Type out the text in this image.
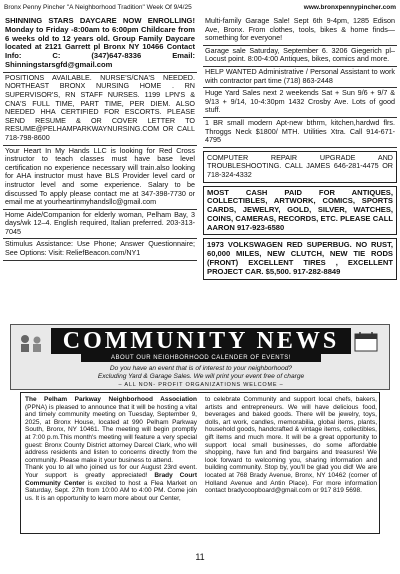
Bronx Penny Pincher "A Neighborhood Tradition" Week Of 9/4/25	www.bronxpennypincher.com
SHINNING STARS DAYCARE NOW ENROLLING! Monday to Friday -8:00am to 6:00pm Childcare from 6 weeks old to 12 years old. Group Family Daycare located at 2121 Garrett pl Bronx NY 10466 Contact Info: C: (347)647-8336 Email: Shinningstarsgfd@gmail.com
POSITIONS AVAILABLE. NURSE'S/CNA'S NEEDED. NORTHEAST BRONX NURSING HOME . RN SUPERVISOR'S, RN STAFF NURSES. 1199 LPN'S & CNA'S FULL TIME, PART TIME, PER DIEM. ALSO NEEDED HHA CERTIFIED FOR ESCORTS. PLEASE SEND RESUME & OR COVER LETTER TO RESUME@PELHAMPARKWAYNURSING.COM OR CALL 718-798-8600
Your Heart In My Hands LLC is looking for Red Cross instructor to teach classes must have base level certification no experience necessary will train.also looking for AHA instructor must have BLS Provider level card or instructor level and some experience. Salary to be discussed To apply please contact me at 347-398-7730 or email me at yourheartinmyhandsllc@gmail.com
Home Aide/Companion for elderly woman, Pelham Bay, 3 days/wk 12–4. English required, Italian preferred. 203-313-7045
Stimulus Assistance: Use Phone; Answer Questionnaire; See Options: Visit: ReliefBeacon.com/NY1
Multi-family Garage Sale! Sept 6th 9-4pm, 1285 Edison Ave, Bronx. From clothes, tools, bikes & home finds—something for everyone!
Garage sale Saturday, September 6. 3206 Giegerich pl– Locust point. 8:00-4:00 Antiques, bikes, comics and more.
HELP WANTED Administrative / Personal Assistant to work with contractor part time (718) 863-2448
Huge Yard Sales next 2 weekends Sat + Sun 9/6 + 9/7 & 9/13 + 9/14, 10-4:30pm 1432 Crosby Ave. Lots of good stuff.
1 BR small modern Apt-new bthrm, kitchen,hardwd flrs. Throggs Neck $1800/ MTH. Utilities Xtra. Call 914-671-4795
COMPUTER REPAIR UPGRADE AND TROUBLESHOOTING. CALL JAMES 646-281-4475 OR 718-324-4332
MOST CASH PAID FOR ANTIQUES, COLLECTIBLES, ARTWORK, COMICS, SPORTS CARDS, JEWELRY, GOLD, SILVER, WATCHES, COINS, CAMERAS, RECORDS, ETC. PLEASE CALL AARON 917-923-6580
1973 VOLKSWAGEN RED SUPERBUG. NO RUST, 60,000 MILES, NEW CLUTCH, NEW TIE RODS (FRONT) EXCELLENT TIRES , EXCELLENT PROJECT CAR. $5,500. 917-282-8849
COMMUNITY NEWS
ABOUT OUR NEIGHBORHOOD CALENDER OF EVENTS!
Do you have an event that is of interest to your neighborhood?
Excluding Yard & Garage Sales. We will print your event free of charge
– ALL NON- PROFIT ORGANIZATIONS WELCOME –

The Pelham Parkway Neighborhood Association (PPNA) is pleased to announce that it will be hosting a vital and timely community meeting on Tuesday, September 9, 2025, at Bronx House, located at 990 Pelham Parkway South, Bronx, NY 10461. The meeting will begin promptly at 7:00 p.m.This month's meeting will feature a very special guest: Bronx County District attorney Darcel Clark, who will address residents and listen to concerns directly from the community. Please make it your business to attend.

Thank you to all who joined us for our August 23rd event. Your support is greatly appreciated! Brady Court Community Center is excited to host a Flea Market on Saturday, Sept. 27th from 10:00 AM to 4:00 PM. Come join us. It is an opportunity to learn more about our Center,

to celebrate Community and support local chefs, bakers, artists and entrepreneurs. We will have delicious food, beverages and baked goods. There will be jewelry, toys, dolls, art work, candles, memorabilia, global items, plants, household goods, handcrafted & vintage items, collectibles, gift items and much more. It will be a great opportunity to support local small businesses, do some affordable shopping, have fun and find bargains and treasures! We look forward to welcoming you, sharing information and building community. Stop by, you'll be glad you did! We are located at 768 Brady Avenue, Bronx, NY 10462 (corner of Holland Avenue and Antin Place). For more information contact bradycoopboard@gmail.com or 917 819 5698.

11
